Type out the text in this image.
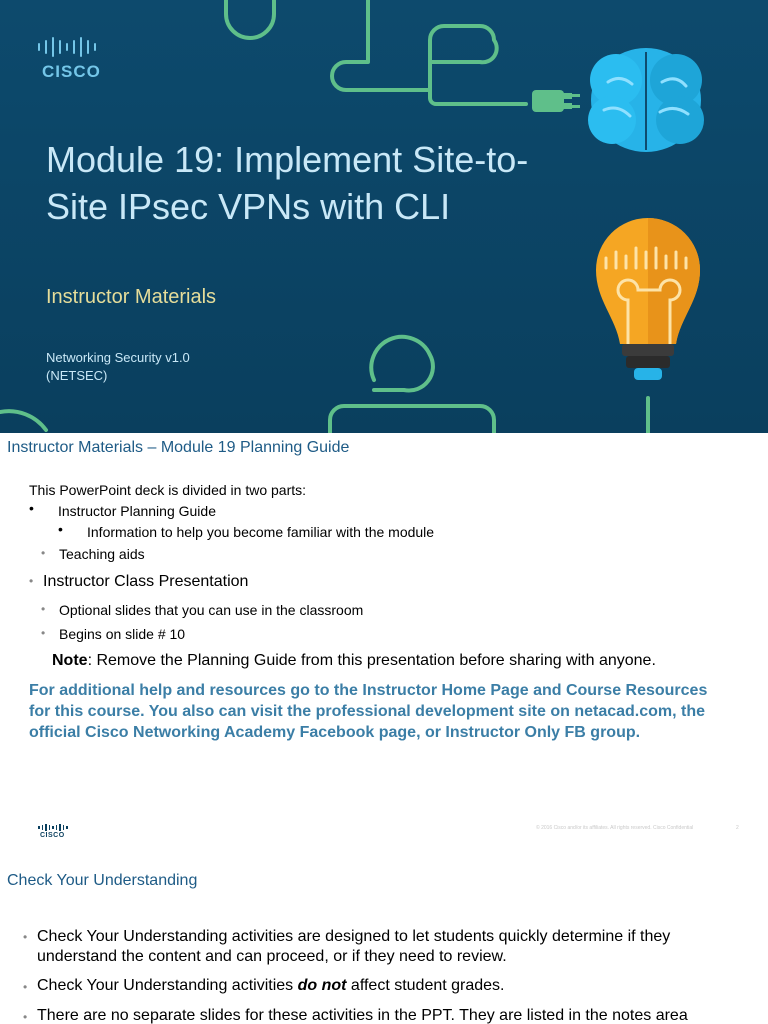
CISCO
Module 19: Implement Site-to-
Site IPsec VPNs with CLI
Instructor Materials
Networking Security v1.0
(NETSEC)
Instructor Materials – Module 19 Planning Guide
This PowerPoint deck is divided in two parts:
• Instructor Planning Guide
• Information to help you become familiar with the module
• Teaching aids
• Instructor Class Presentation
• Optional slides that you can use in the classroom
• Begins on slide # 10
Note: Remove the Planning Guide from this presentation before sharing with anyone.
For additional help and resources go to the Instructor Home Page and Course Resources for this course. You also can visit the professional development site on netacad.com, the official Cisco Networking Academy Facebook page, or Instructor Only FB group.
CISCO
© 2016 Cisco and/or its affiliates. All rights reserved. Cisco Confidential	2
Check Your Understanding
• Check Your Understanding activities are designed to let students quickly determine if they understand the content and can proceed, or if they need to review.
• Check Your Understanding activities do not affect student grades.
• There are no separate slides for these activities in the PPT. They are listed in the notes area
